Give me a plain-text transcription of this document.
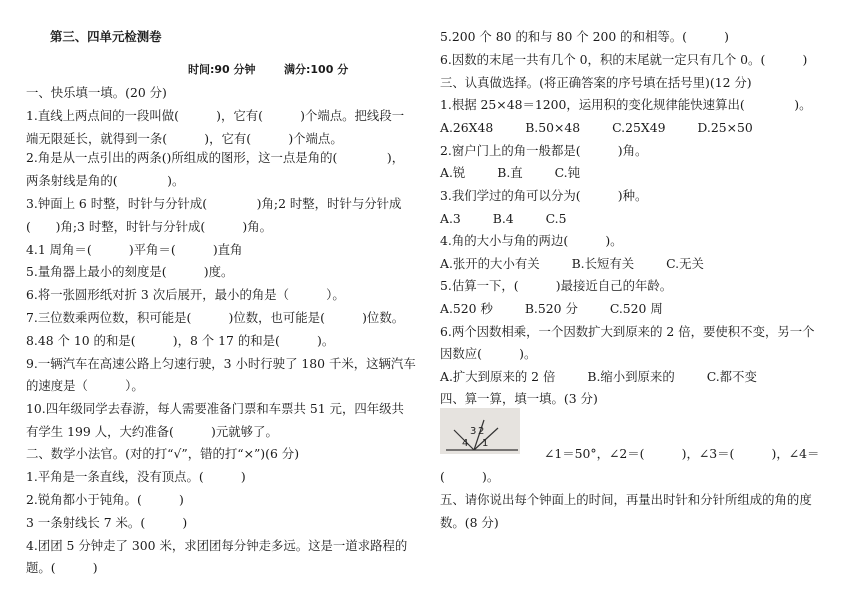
第三、四单元检测卷
时间:90 分钟	满分:100 分
一、快乐填一填。(20 分)
1.直线上两点间的一段叫做(　　　)，它有(　　　)个端点。把线段一
端无限延长，就得到一条(　　　)，它有(　　　)个端点。
2.角是从一点引出的两条()所组成的图形，这一点是角的(　　　　)，
两条射线是角的(　　　　)。
3.钟面上 6 时整，时针与分针成(　　　　)角;2 时整，时针与分针成
(　　)角;3 时整，时针与分针成(　　　)角。
4.1 周角＝(　　　)平角＝(　　　)直角
5.量角器上最小的刻度是(　　　)度。
6.将一张圆形纸对折 3 次后展开，最小的角是（　　　）。
7.三位数乘两位数，积可能是(　　　)位数，也可能是(　　　)位数。
8.48 个 10 的和是(　　　)，8 个 17 的和是(　　　)。
9.一辆汽车在高速公路上匀速行驶，3 小时行驶了 180 千米，这辆汽车
的速度是（　　　）。
10.四年级同学去春游，每人需要准备门票和车票共 51 元，四年级共
有学生 199 人，大约准备(　　　)元就够了。
二、数学小法官。(对的打“√”，错的打“×”)(6 分)
1.平角是一条直线，没有顶点。(　　　)
2.锐角都小于钝角。(　　　)
3 一条射线长 7 米。(　　　)
4.团团 5 分钟走了 300 米，求团团每分钟走多远。这是一道求路程的
题。(　　　)
5.200 个 80 的和与 80 个 200 的和相等。(　　　)
6.因数的末尾一共有几个 0，积的末尾就一定只有几个 0。(　　　)
三、认真做选择。(将正确答案的序号填在括号里)(12 分)
1.根据 25×48＝1200，运用积的变化规律能快速算出(　　　　)。
A.26X48	B.50×48	C.25X49	D.25×50
2.窗户门上的角一般都是(　　　)角。
A.锐	B.直	C.钝
3.我们学过的角可以分为(　　　)种。
A.3	B.4	C.5
4.角的大小与角的两边(　　　)。
A.张开的大小有关	B.长短有关	C.无关
5.估算一下，(　　　)最接近自己的年龄。
A.520 秒	B.520 分	C.520 周
6.两个因数相乘，一个因数扩大到原来的 2 倍，要使积不变，另一个
因数应(　　　)。
A.扩大到原来的 2 倍	B.缩小到原来的	C.都不变
四、算一算，填一填。(3 分)
4
3 2
1
∠1＝50°，∠2＝(　　　)，∠3＝(　　　)，∠4＝
(　　　)。
五、请你说出每个钟面上的时间，再量出时针和分针所组成的角的度
数。(8 分)
